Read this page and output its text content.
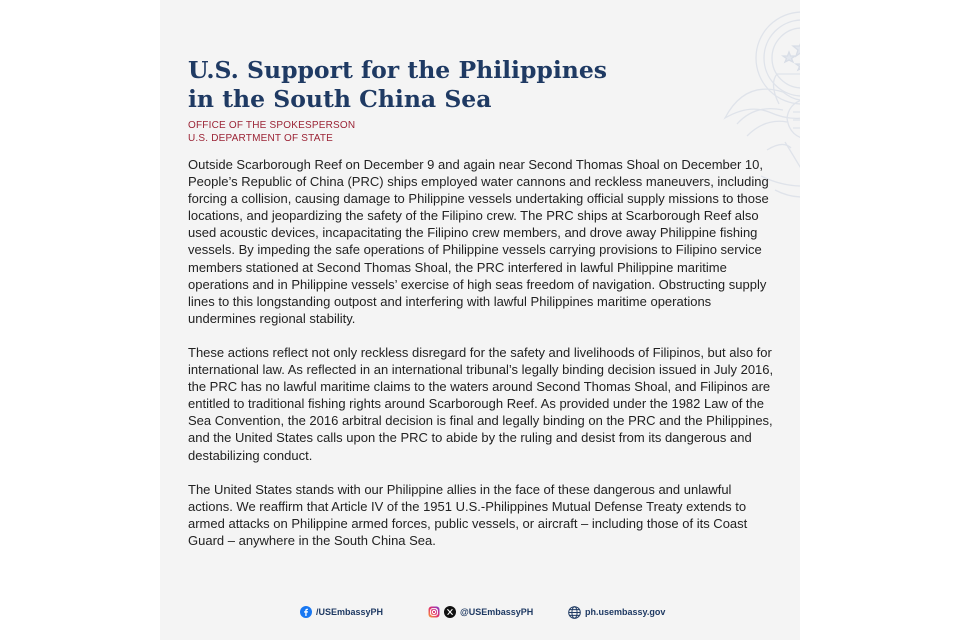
U.S. Support for the Philippines
in the South China Sea
OFFICE OF THE SPOKESPERSON
U.S. DEPARTMENT OF STATE

Outside Scarborough Reef on December 9 and again near Second Thomas Shoal on December 10, People’s Republic of China (PRC) ships employed water cannons and reckless maneuvers, including forcing a collision, causing damage to Philippine vessels undertaking official supply missions to those locations, and jeopardizing the safety of the Filipino crew. The PRC ships at Scarborough Reef also used acoustic devices, incapacitating the Filipino crew members, and drove away Philippine fishing vessels. By impeding the safe operations of Philippine vessels carrying provisions to Filipino service members stationed at Second Thomas Shoal, the PRC interfered in lawful Philippine maritime operations and in Philippine vessels’ exercise of high seas freedom of navigation. Obstructing supply lines to this longstanding outpost and interfering with lawful Philippines maritime operations undermines regional stability.

These actions reflect not only reckless disregard for the safety and livelihoods of Filipinos, but also for international law. As reflected in an international tribunal’s legally binding decision issued in July 2016, the PRC has no lawful maritime claims to the waters around Second Thomas Shoal, and Filipinos are entitled to traditional fishing rights around Scarborough Reef. As provided under the 1982 Law of the Sea Convention, the 2016 arbitral decision is final and legally binding on the PRC and the Philippines, and the United States calls upon the PRC to abide by the ruling and desist from its dangerous and destabilizing conduct.

The United States stands with our Philippine allies in the face of these dangerous and unlawful actions. We reaffirm that Article IV of the 1951 U.S.-Philippines Mutual Defense Treaty extends to armed attacks on Philippine armed forces, public vessels, or aircraft – including those of its Coast Guard – anywhere in the South China Sea.

/USEmbassyPH	@USEmbassyPH	ph.usembassy.gov
